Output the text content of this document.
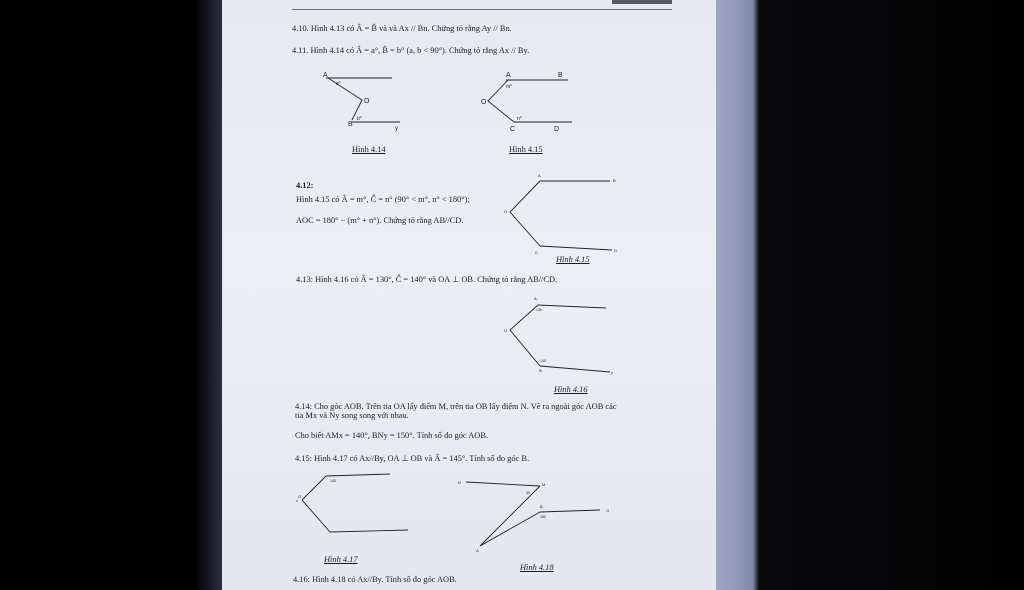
4.10. Hình 4.13 có Â = B̂ và và Ax // Bn. Chứng tỏ rằng Ay // Bn.
4.11. Hình 4.14 có Â = a°, B̂ = b° (a, b < 90°). Chứng tỏ rằng Ax // By.
4.12:
Hình 4.15 có Â = m°, Ĉ = n° (90° < m°, n° < 180°);
AOC = 180° − (m° + n°). Chứng tỏ rằng AB//CD.
4.13: Hình 4.16 có Â = 130°, Ĉ = 140° và OA ⊥ OB. Chứng tỏ rằng AB//CD.
4.14: Cho góc AOB. Trên tia OA lấy điểm M, trên tia OB lấy điểm N. Vẽ ra ngoài góc AOB các
tia Mx và Ny song song với nhau.
Cho biết AMx = 140°, BNy = 150°. Tính số đo góc AOB.
4.15: Hình 4.17 có Ax//By, OA ⊥ OB và Â = 145°. Tính số đo góc B.
4.16: Hình 4.18 có Ax//By. Tính số đo góc AOB.
Hình 4.14	Hình 4.15
Hình 4.15
Hình 4.16
Hình 4.17
Hình 4.18
A
a°
O
B
b°
y
A
m°
B
O
n°
C	D
A
B
O
C	D
A
130
O
140
B	y
x
145
O
N	M
30
B
150
O
A
